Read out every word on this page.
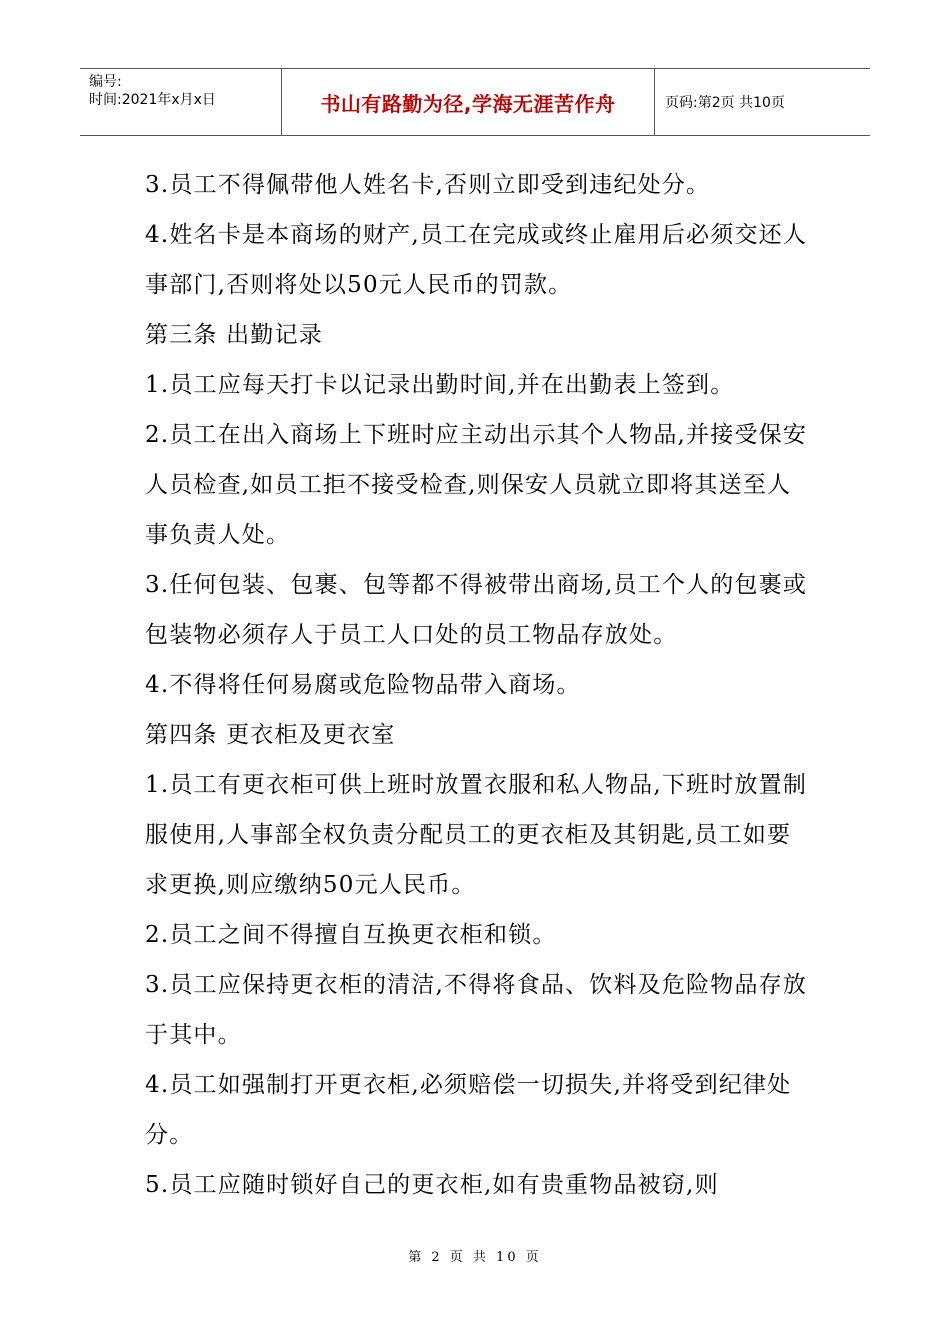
编号:
时间:2021年x月x日	书山有路勤为径,学海无涯苦作舟	页码:第2页 共10页

3.员工不得佩带他人姓名卡,否则立即受到违纪处分。

4.姓名卡是本商场的财产,员工在完成或终止雇用后必须交还人事部门,否则将处以50元人民币的罚款。

第三条 出勤记录

1.员工应每天打卡以记录出勤时间,并在出勤表上签到。

2.员工在出入商场上下班时应主动出示其个人物品,并接受保安人员检查,如员工拒不接受检查,则保安人员就立即将其送至人事负责人处。

3.任何包装、包裹、包等都不得被带出商场,员工个人的包裹或包装物必须存人于员工人口处的员工物品存放处。

4.不得将任何易腐或危险物品带入商场。

第四条 更衣柜及更衣室

1.员工有更衣柜可供上班时放置衣服和私人物品,下班时放置制服使用,人事部全权负责分配员工的更衣柜及其钥匙,员工如要求更换,则应缴纳50元人民币。

2.员工之间不得擅自互换更衣柜和锁。

3.员工应保持更衣柜的清洁,不得将食品、饮料及危险物品存放于其中。

4.员工如强制打开更衣柜,必须赔偿一切损失,并将受到纪律处分。

5.员工应随时锁好自己的更衣柜,如有贵重物品被窃,则

第 2 页 共 10 页
